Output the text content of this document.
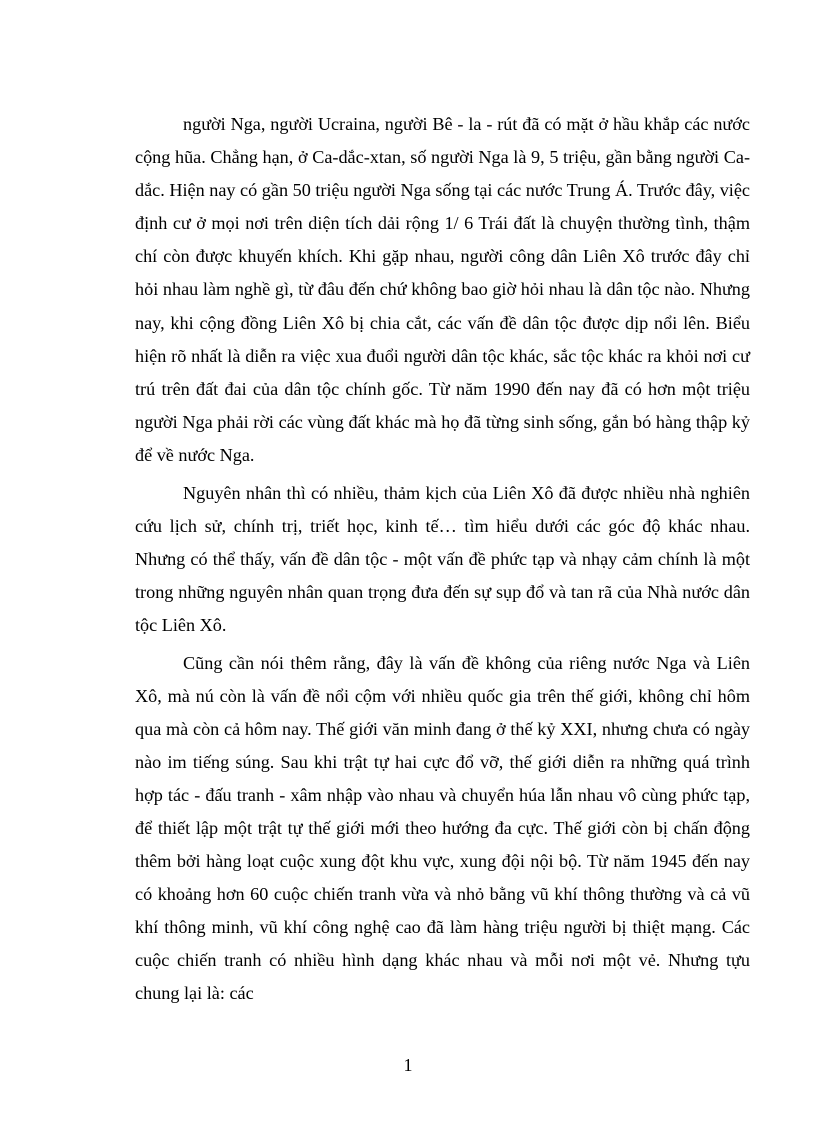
người Nga, người Ucraina, người Bê - la - rút đã có mặt ở hầu khắp các nước cộng hũa. Chẳng hạn, ở Ca-dắc-xtan, số người Nga là 9, 5 triệu, gần bằng người Ca-dắc. Hiện nay có gần 50 triệu người Nga sống tại các nước Trung Á. Trước đây, việc định cư ở mọi nơi trên diện tích dải rộng 1/ 6 Trái đất là chuyện thường tình, thậm chí còn được khuyến khích. Khi gặp nhau, người công dân Liên Xô trước đây chỉ hỏi nhau làm nghề gì, từ đâu đến chứ không bao giờ hỏi nhau là dân tộc nào. Nhưng nay, khi cộng đồng Liên Xô bị chia cắt, các vấn đề dân tộc được dịp nổi lên. Biểu hiện rõ nhất là diễn ra việc xua đuổi người dân tộc khác, sắc tộc khác ra khỏi nơi cư trú trên đất đai của dân tộc chính gốc. Từ năm 1990 đến nay đã có hơn một triệu người Nga phải rời các vùng đất khác mà họ đã từng sinh sống, gắn bó hàng thập kỷ để về nước Nga.

Nguyên nhân thì có nhiều, thảm kịch của Liên Xô đã được nhiều nhà nghiên cứu lịch sử, chính trị, triết học, kinh tế… tìm hiểu dưới các góc độ khác nhau. Nhưng có thể thấy, vấn đề dân tộc - một vấn đề phức tạp và nhạy cảm chính là một trong những nguyên nhân quan trọng đưa đến sự sụp đổ và tan rã của Nhà nước dân tộc Liên Xô.

Cũng cần nói thêm rằng, đây là vấn đề không của riêng nước Nga và Liên Xô, mà nú còn là vấn đề nổi cộm với nhiều quốc gia trên thế giới, không chỉ hôm qua mà còn cả hôm nay. Thế giới văn minh đang ở thế kỷ XXI, nhưng chưa có ngày nào im tiếng súng. Sau khi trật tự hai cực đổ vỡ, thế giới diễn ra những quá trình hợp tác - đấu tranh - xâm nhập vào nhau và chuyển húa lẫn nhau vô cùng phức tạp, để thiết lập một trật tự thế giới mới theo hướng đa cực. Thế giới còn bị chấn động thêm bởi hàng loạt cuộc xung đột khu vực, xung đội nội bộ. Từ năm 1945 đến nay có khoảng hơn 60 cuộc chiến tranh vừa và nhỏ bằng vũ khí thông thường và cả vũ khí thông minh, vũ khí công nghệ cao đã làm hàng triệu người bị thiệt mạng. Các cuộc chiến tranh có nhiều hình dạng khác nhau và mỗi nơi một vẻ. Nhưng tựu chung lại là: các

1
